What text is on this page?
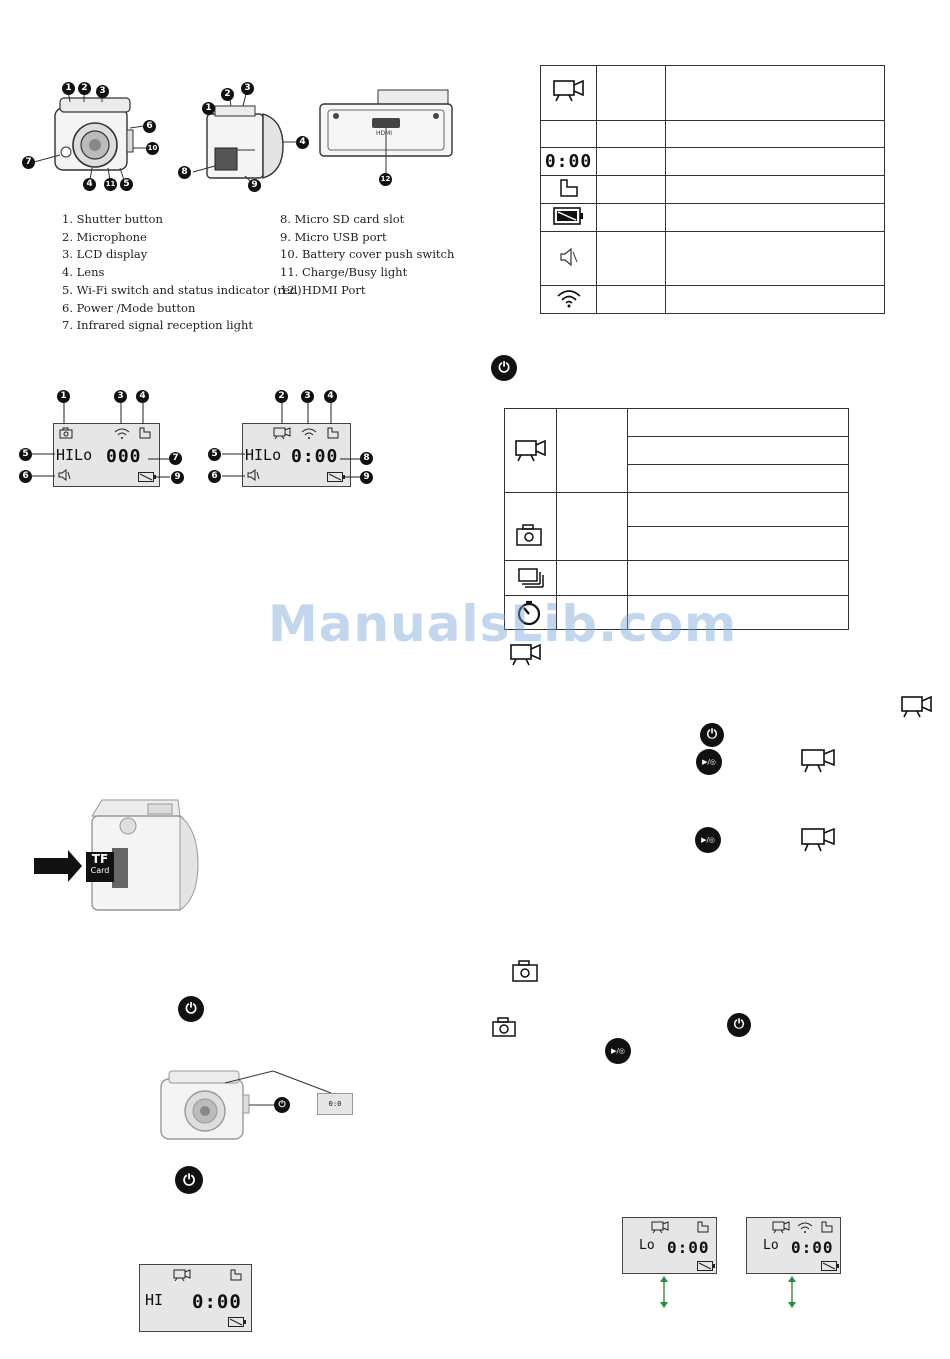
1	2	3
6
10
7
4	11 5
1
2
3
4
8
9
HDMI
12
1. Shutter button
2. Microphone
3. LCD display
4. Lens
5. Wi-Fi switch and status indicator (red)
6. Power /Mode button
7. Infrared signal reception light
8. Micro SD card slot
9. Micro USB port
10. Battery cover push switch
11. Charge/Busy light
12. HDMI Port
HILo 000
1	3	4
5
6
7
9
HILo 0:00
2	3	4
5
6
8
9
TF
Card
⏻
⏻	0:0
⏻
HI 0:00

0:00		

⏻
⏻
▶/◎
▶/◎
⏻
▶/◎
Lo 0:00	Lo 0:00
ManualsLib.com
